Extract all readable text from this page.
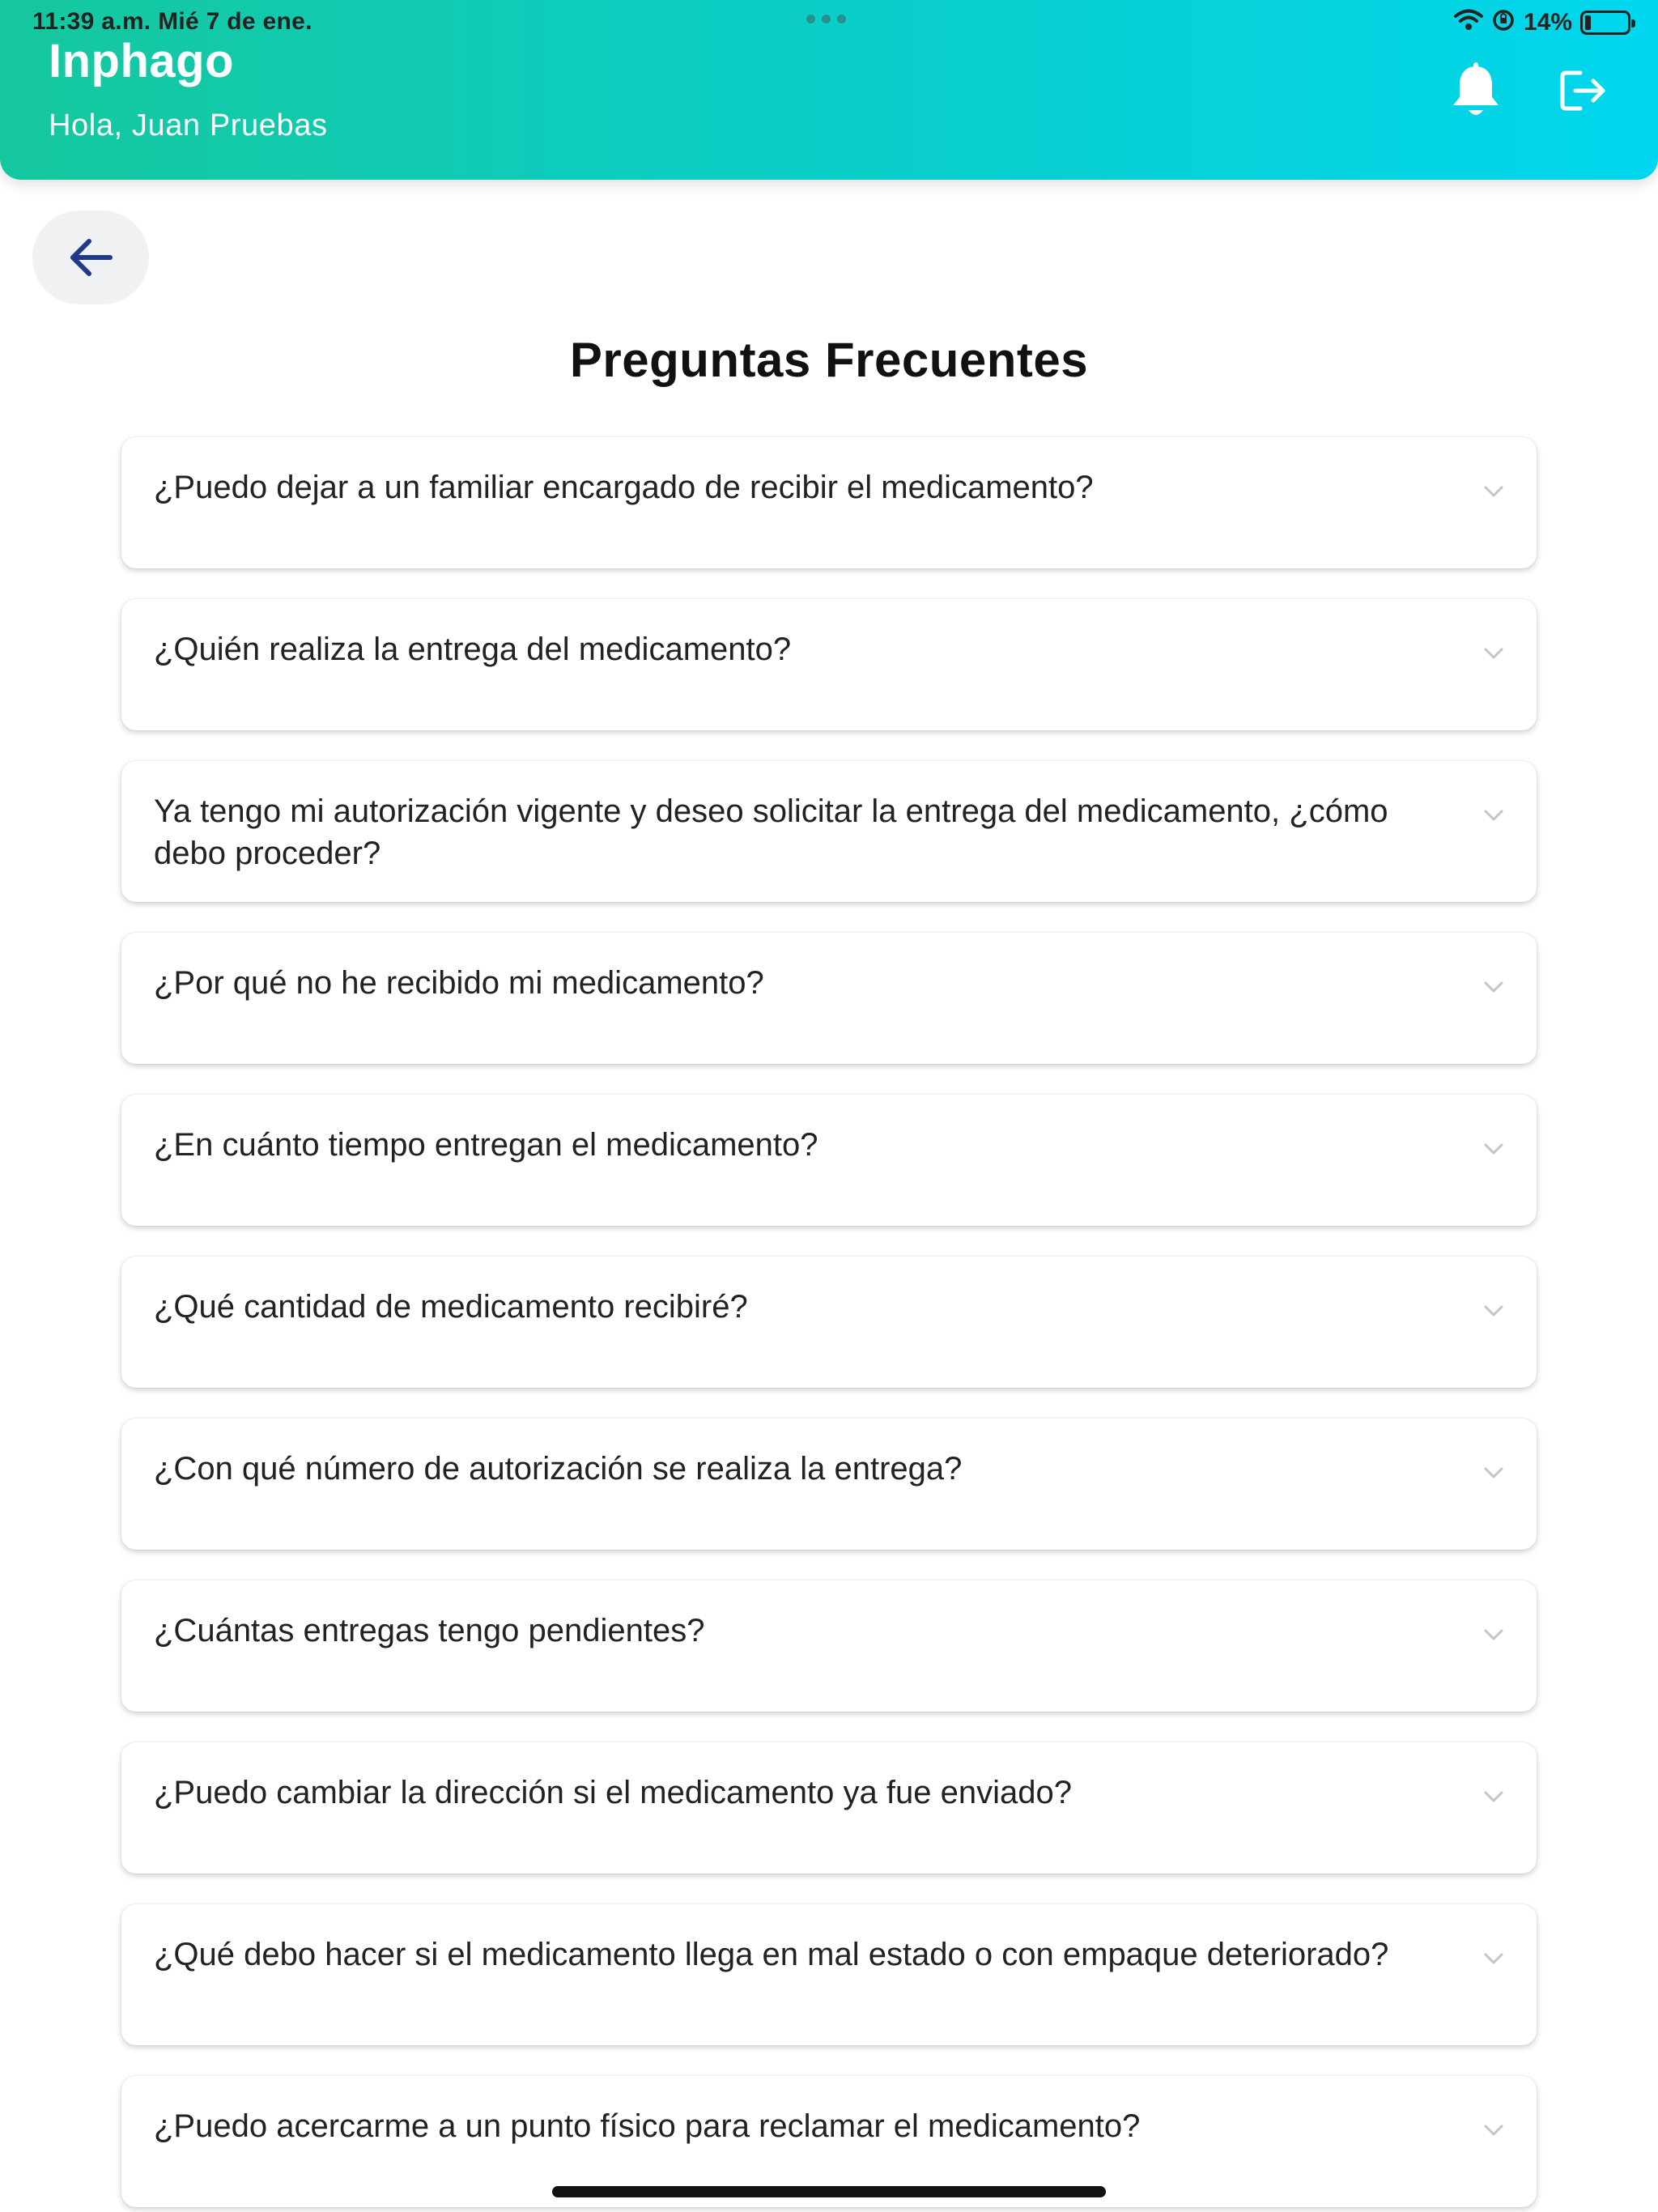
11:39 a.m. Mié 7 de ene.	14%
Inphago
Hola, Juan Pruebas
Preguntas Frecuentes
¿Puedo dejar a un familiar encargado de recibir el medicamento?
¿Quién realiza la entrega del medicamento?
Ya tengo mi autorización vigente y deseo solicitar la entrega del medicamento, ¿cómo debo proceder?
¿Por qué no he recibido mi medicamento?
¿En cuánto tiempo entregan el medicamento?
¿Qué cantidad de medicamento recibiré?
¿Con qué número de autorización se realiza la entrega?
¿Cuántas entregas tengo pendientes?
¿Puedo cambiar la dirección si el medicamento ya fue enviado?
¿Qué debo hacer si el medicamento llega en mal estado o con empaque deteriorado?
¿Puedo acercarme a un punto físico para reclamar el medicamento?
